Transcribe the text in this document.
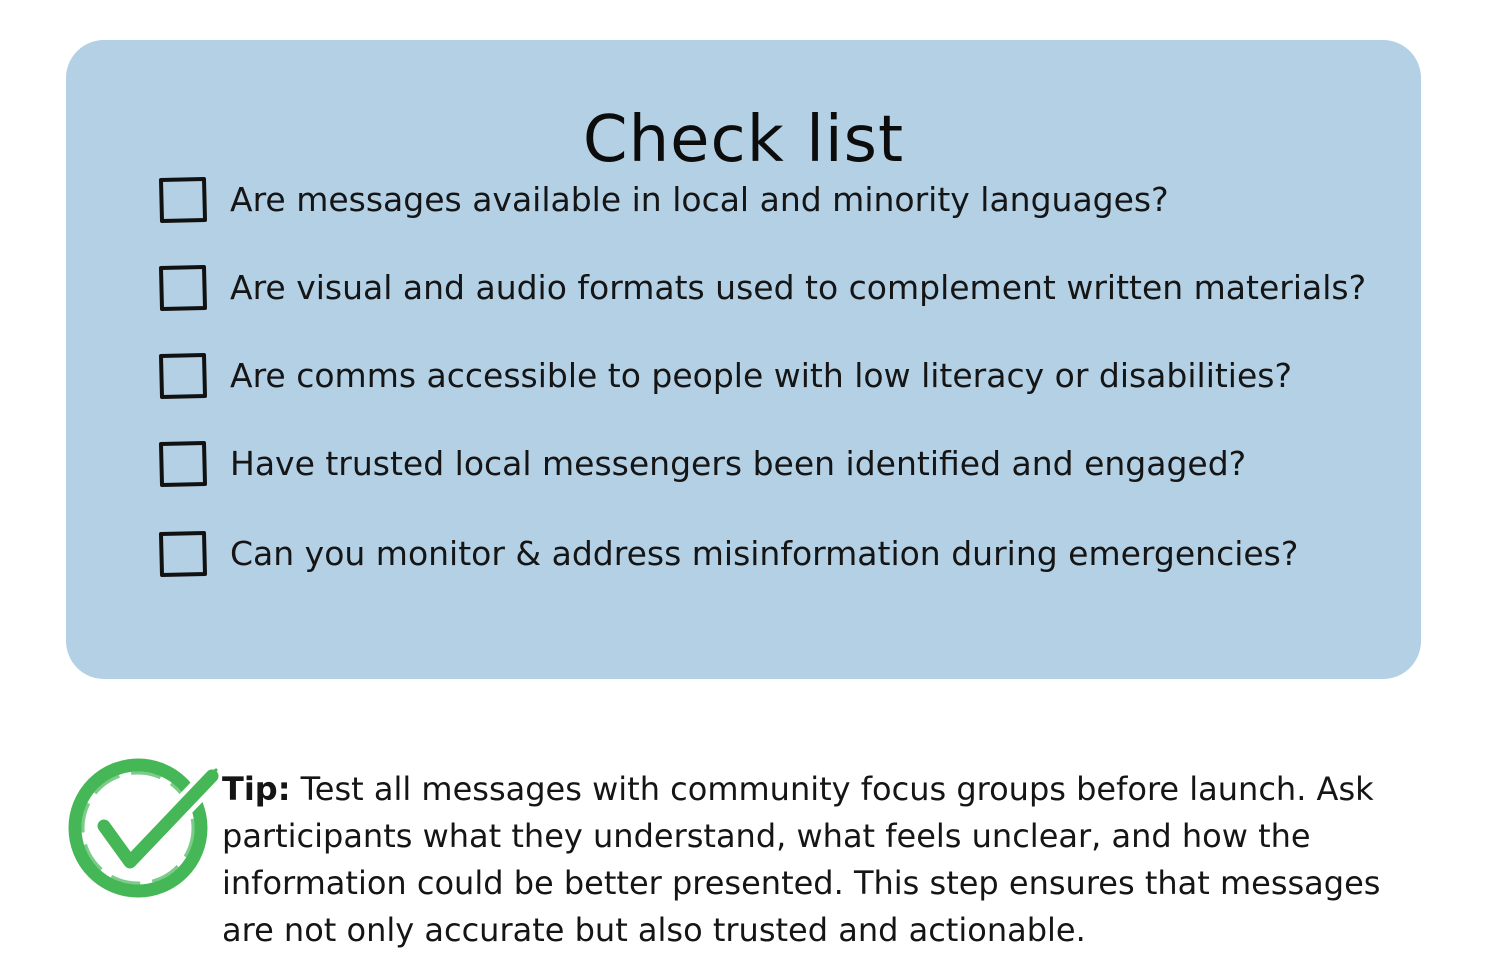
Check list
Are messages available in local and minority languages?
Are visual and audio formats used to complement written materials?
Are comms accessible to people with low literacy or disabilities?
Have trusted local messengers been identified and engaged?
Can you monitor & address misinformation during emergencies?

Tip: Test all messages with community focus groups before launch. Ask participants what they understand, what feels unclear, and how the information could be better presented. This step ensures that messages are not only accurate but also trusted and actionable.
